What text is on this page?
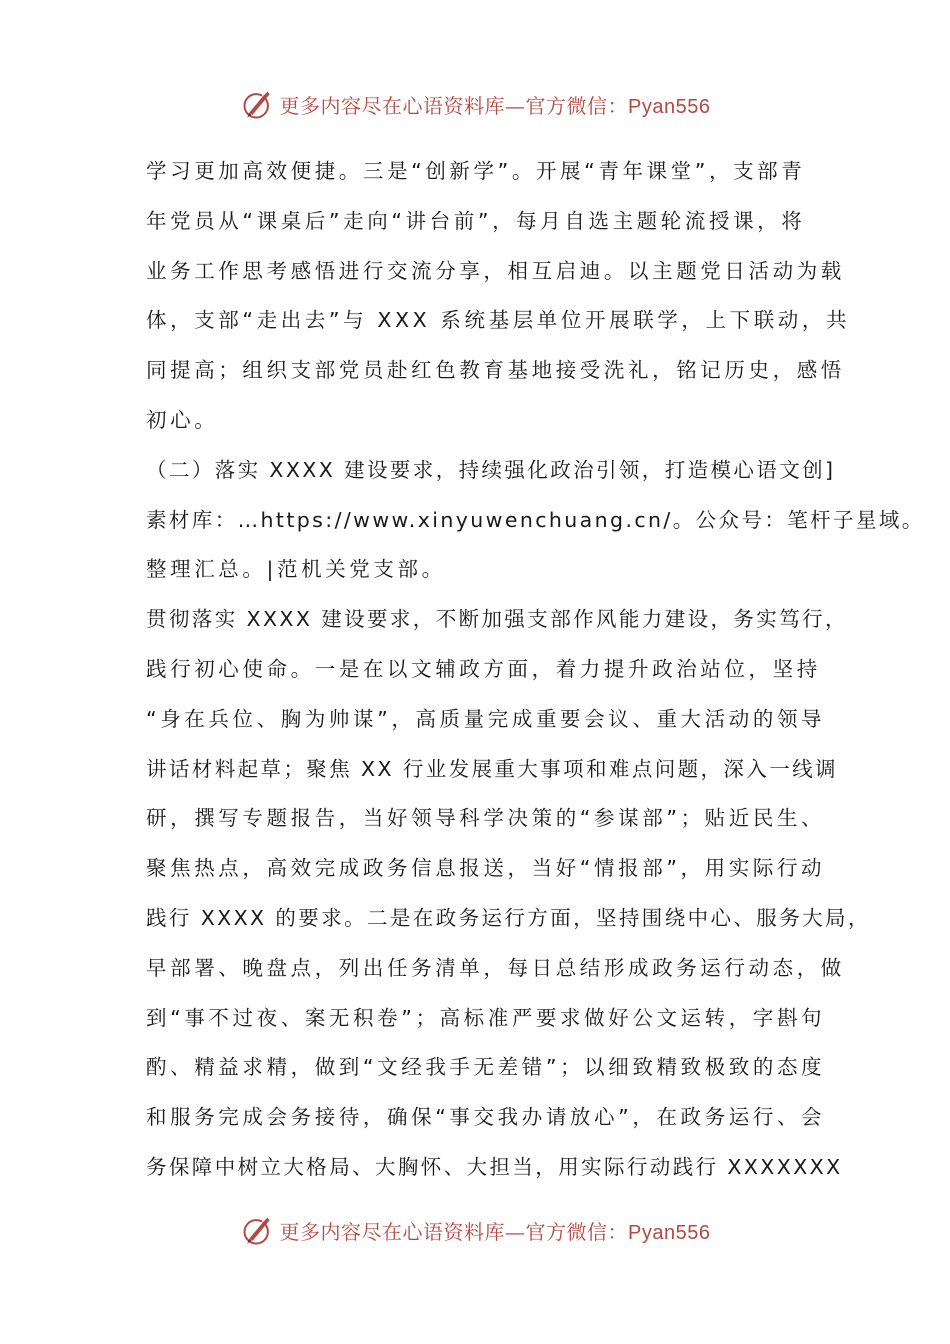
更多内容尽在心语资料库—官方微信：Pyan556
学习更加高效便捷。三是“创新学”。开展“青年课堂”，支部青
年党员从“课桌后”走向“讲台前”，每月自选主题轮流授课，将
业务工作思考感悟进行交流分享，相互启迪。以主题党日活动为载
体，支部“走出去”与 XXX 系统基层单位开展联学，上下联动，共
同提高；组织支部党员赴红色教育基地接受洗礼，铭记历史，感悟
初心。
（二）落实 XXXX 建设要求，持续强化政治引领，打造模心语文创]
素材库：…https://www.xinyuwenchuang.cn/。公众号：笔杆子星域。
整理汇总。|范机关党支部。
贯彻落实 XXXX 建设要求，不断加强支部作风能力建设，务实笃行，
践行初心使命。一是在以文辅政方面，着力提升政治站位，坚持
“身在兵位、胸为帅谋”，高质量完成重要会议、重大活动的领导
讲话材料起草；聚焦 XX 行业发展重大事项和难点问题，深入一线调
研，撰写专题报告，当好领导科学决策的“参谋部”；贴近民生、
聚焦热点，高效完成政务信息报送，当好“情报部”，用实际行动
践行 XXXX 的要求。二是在政务运行方面，坚持围绕中心、服务大局，
早部署、晚盘点，列出任务清单，每日总结形成政务运行动态，做
到“事不过夜、案无积卷”；高标准严要求做好公文运转，字斟句
酌、精益求精，做到“文经我手无差错”；以细致精致极致的态度
和服务完成会务接待，确保“事交我办请放心”，在政务运行、会
务保障中树立大格局、大胸怀、大担当，用实际行动践行 XXXXXXX
更多内容尽在心语资料库—官方微信：Pyan556
